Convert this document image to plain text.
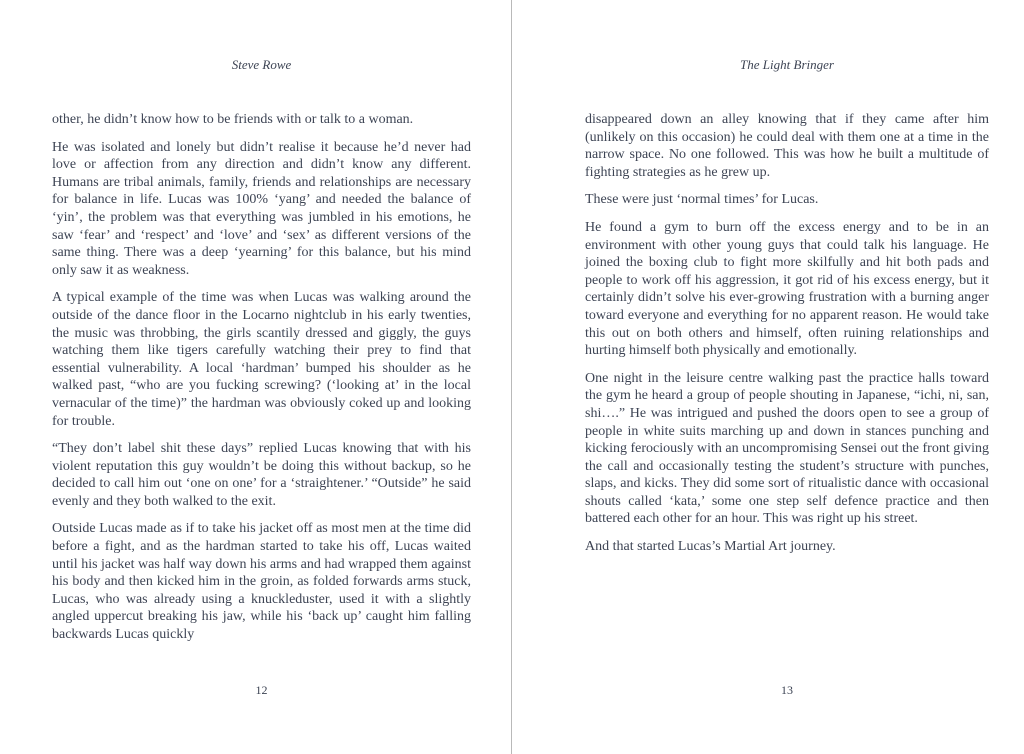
Steve Rowe

other, he didn’t know how to be friends with or talk to a woman.

He was isolated and lonely but didn’t realise it because he’d never had love or affection from any direction and didn’t know any different. Humans are tribal animals, family, friends and relationships are necessary for balance in life. Lucas was 100% ‘yang’ and needed the balance of ‘yin’, the problem was that everything was jumbled in his emotions, he saw ‘fear’ and ‘respect’ and ‘love’ and ‘sex’ as different versions of the same thing. There was a deep ‘yearning’ for this balance, but his mind only saw it as weakness.

A typical example of the time was when Lucas was walking around the outside of the dance floor in the Locarno nightclub in his early twenties, the music was throbbing, the girls scantily dressed and giggly, the guys watching them like tigers carefully watching their prey to find that essential vulnerability. A local ‘hardman’ bumped his shoulder as he walked past, “who are you fucking screwing? (‘looking at’ in the local vernacular of the time)” the hardman was obviously coked up and looking for trouble.

“They don’t label shit these days” replied Lucas knowing that with his violent reputation this guy wouldn’t be doing this without backup, so he decided to call him out ‘one on one’ for a ‘straightener.’ “Outside” he said evenly and they both walked to the exit.

Outside Lucas made as if to take his jacket off as most men at the time did before a fight, and as the hardman started to take his off, Lucas waited until his jacket was half way down his arms and had wrapped them against his body and then kicked him in the groin, as folded forwards arms stuck, Lucas, who was already using a knuckleduster, used it with a slightly angled uppercut breaking his jaw, while his ‘back up’ caught him falling backwards Lucas quickly

12
The Light Bringer

disappeared down an alley knowing that if they came after him (unlikely on this occasion) he could deal with them one at a time in the narrow space. No one followed. This was how he built a multitude of fighting strategies as he grew up.

These were just ‘normal times’ for Lucas.

He found a gym to burn off the excess energy and to be in an environment with other young guys that could talk his language. He joined the boxing club to fight more skilfully and hit both pads and people to work off his aggression, it got rid of his excess energy, but it certainly didn’t solve his ever-growing frustration with a burning anger toward everyone and everything for no apparent reason. He would take this out on both others and himself, often ruining relationships and hurting himself both physically and emotionally.

One night in the leisure centre walking past the practice halls toward the gym he heard a group of people shouting in Japanese, “ichi, ni, san, shi….” He was intrigued and pushed the doors open to see a group of people in white suits marching up and down in stances punching and kicking ferociously with an uncompromising Sensei out the front giving the call and occasionally testing the student’s structure with punches, slaps, and kicks. They did some sort of ritualistic dance with occasional shouts called ‘kata,’ some one step self defence practice and then battered each other for an hour. This was right up his street.

And that started Lucas’s Martial Art journey.

13
